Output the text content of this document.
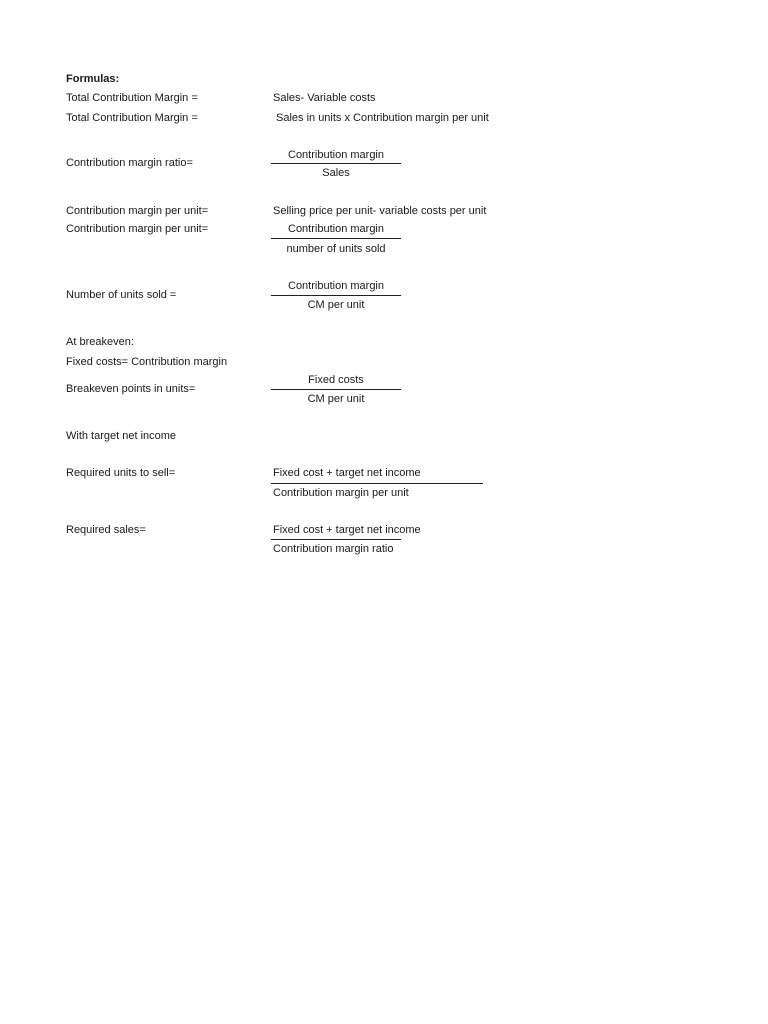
Formulas:
Total Contribution Margin =	Sales- Variable costs
Total Contribution Margin =	Sales in units x Contribution margin per unit
Contribution margin ratio=
Contribution margin
Sales
Contribution margin per unit=	Selling price per unit- variable costs per unit
Contribution margin per unit=	Contribution margin
number of units sold
Number of units sold =
Contribution margin
CM per unit
At breakeven:
Fixed costs= Contribution margin
Breakeven points in units=
Fixed costs
CM per unit
With target net income
Required units to sell=	Fixed cost + target net income
Contribution margin per unit
Required sales=	Fixed cost + target net income
Contribution margin ratio
